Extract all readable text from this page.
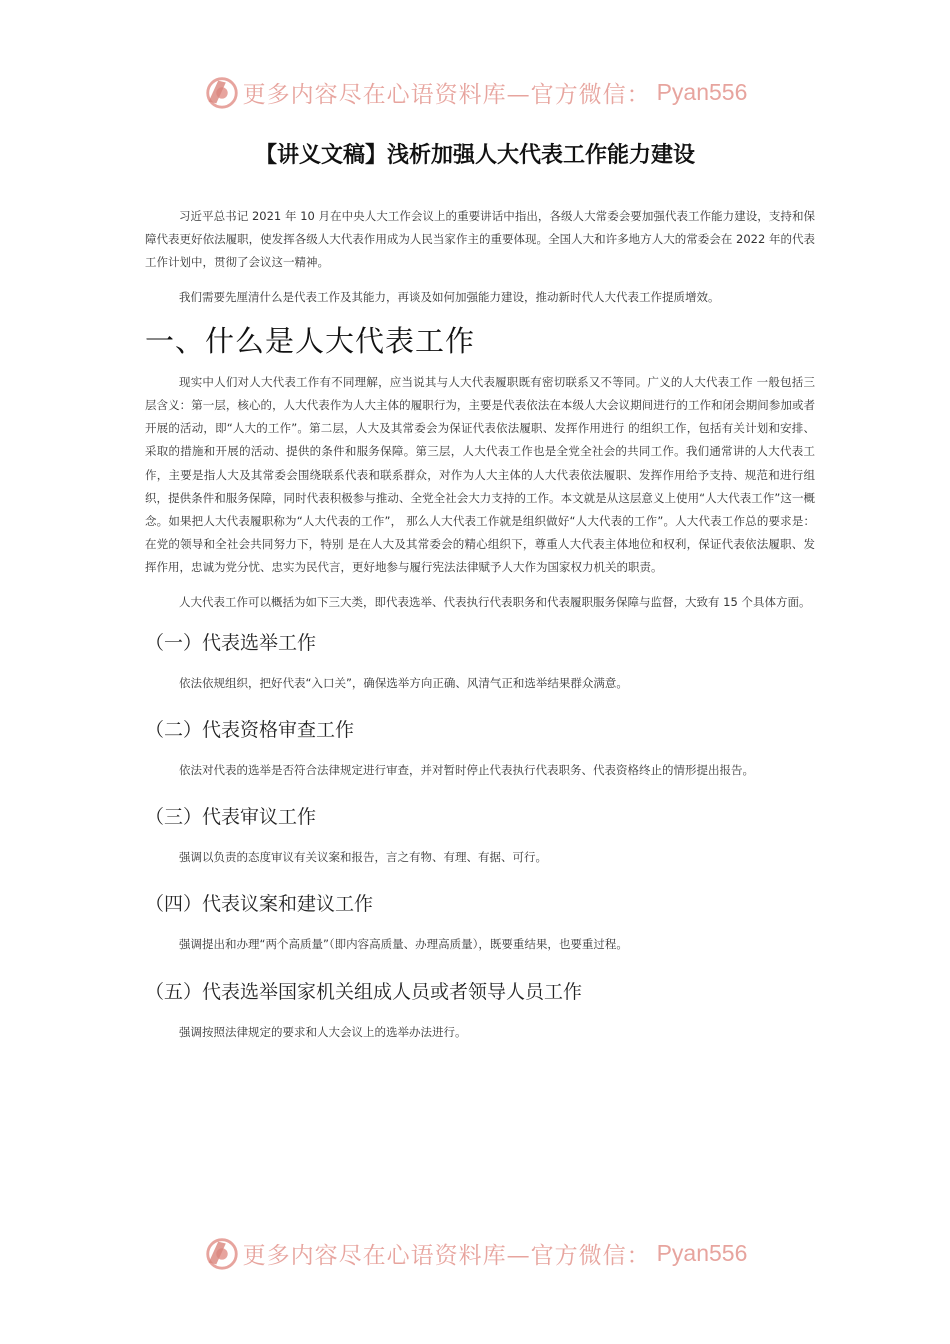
更多内容尽在心语资料库—官方微信： Pyan556
【讲义文稿】浅析加强人大代表工作能力建设

习近平总书记 2021 年 10 月在中央人大工作会议上的重要讲话中指出，各级人大常委会要加强代表工作能力建设，支持和保障代表更好依法履职，使发挥各级人大代表作用成为人民当家作主的重要体现。全国人大和许多地方人大的常委会在 2022 年的代表工作计划中，贯彻了会议这一精神。

我们需要先厘清什么是代表工作及其能力，再谈及如何加强能力建设，推动新时代人大代表工作提质增效。

一、什么是人大代表工作

现实中人们对人大代表工作有不同理解，应当说其与人大代表履职既有密切联系又不等同。广义的人大代表工作 一般包括三层含义：第一层，核心的，人大代表作为人大主体的履职行为，主要是代表依法在本级人大会议期间进行的工作和闭会期间参加或者开展的活动，即“人大的工作”。第二层，人大及其常委会为保证代表依法履职、发挥作用进行 的组织工作，包括有关计划和安排、采取的措施和开展的活动、提供的条件和服务保障。第三层，人大代表工作也是全党全社会的共同工作。我们通常讲的人大代表工作，主要是指人大及其常委会围绕联系代表和联系群众，对作为人大主体的人大代表依法履职、发挥作用给予支持、规范和进行组织，提供条件和服务保障，同时代表积极参与推动、全党全社会大力支持的工作。本文就是从这层意义上使用“人大代表工作”这一概念。如果把人大代表履职称为“人大代表的工作”， 那么人大代表工作就是组织做好“人大代表的工作”。人大代表工作总的要求是：在党的领导和全社会共同努力下，特别 是在人大及其常委会的精心组织下，尊重人大代表主体地位和权利，保证代表依法履职、发挥作用，忠诚为党分忧、忠实为民代言，更好地参与履行宪法法律赋予人大作为国家权力机关的职责。

人大代表工作可以概括为如下三大类，即代表选举、代表执行代表职务和代表履职服务保障与监督，大致有 15 个具体方面。

（一）代表选举工作

依法依规组织，把好代表“入口关”，确保选举方向正确、风清气正和选举结果群众满意。

（二）代表资格审查工作

依法对代表的选举是否符合法律规定进行审查，并对暂时停止代表执行代表职务、代表资格终止的情形提出报告。

（三）代表审议工作

强调以负责的态度审议有关议案和报告，言之有物、有理、有据、可行。

（四）代表议案和建议工作

强调提出和办理“两个高质量”（即内容高质量、办理高质量），既要重结果，也要重过程。

（五）代表选举国家机关组成人员或者领导人员工作

强调按照法律规定的要求和人大会议上的选举办法进行。

更多内容尽在心语资料库—官方微信： Pyan556
